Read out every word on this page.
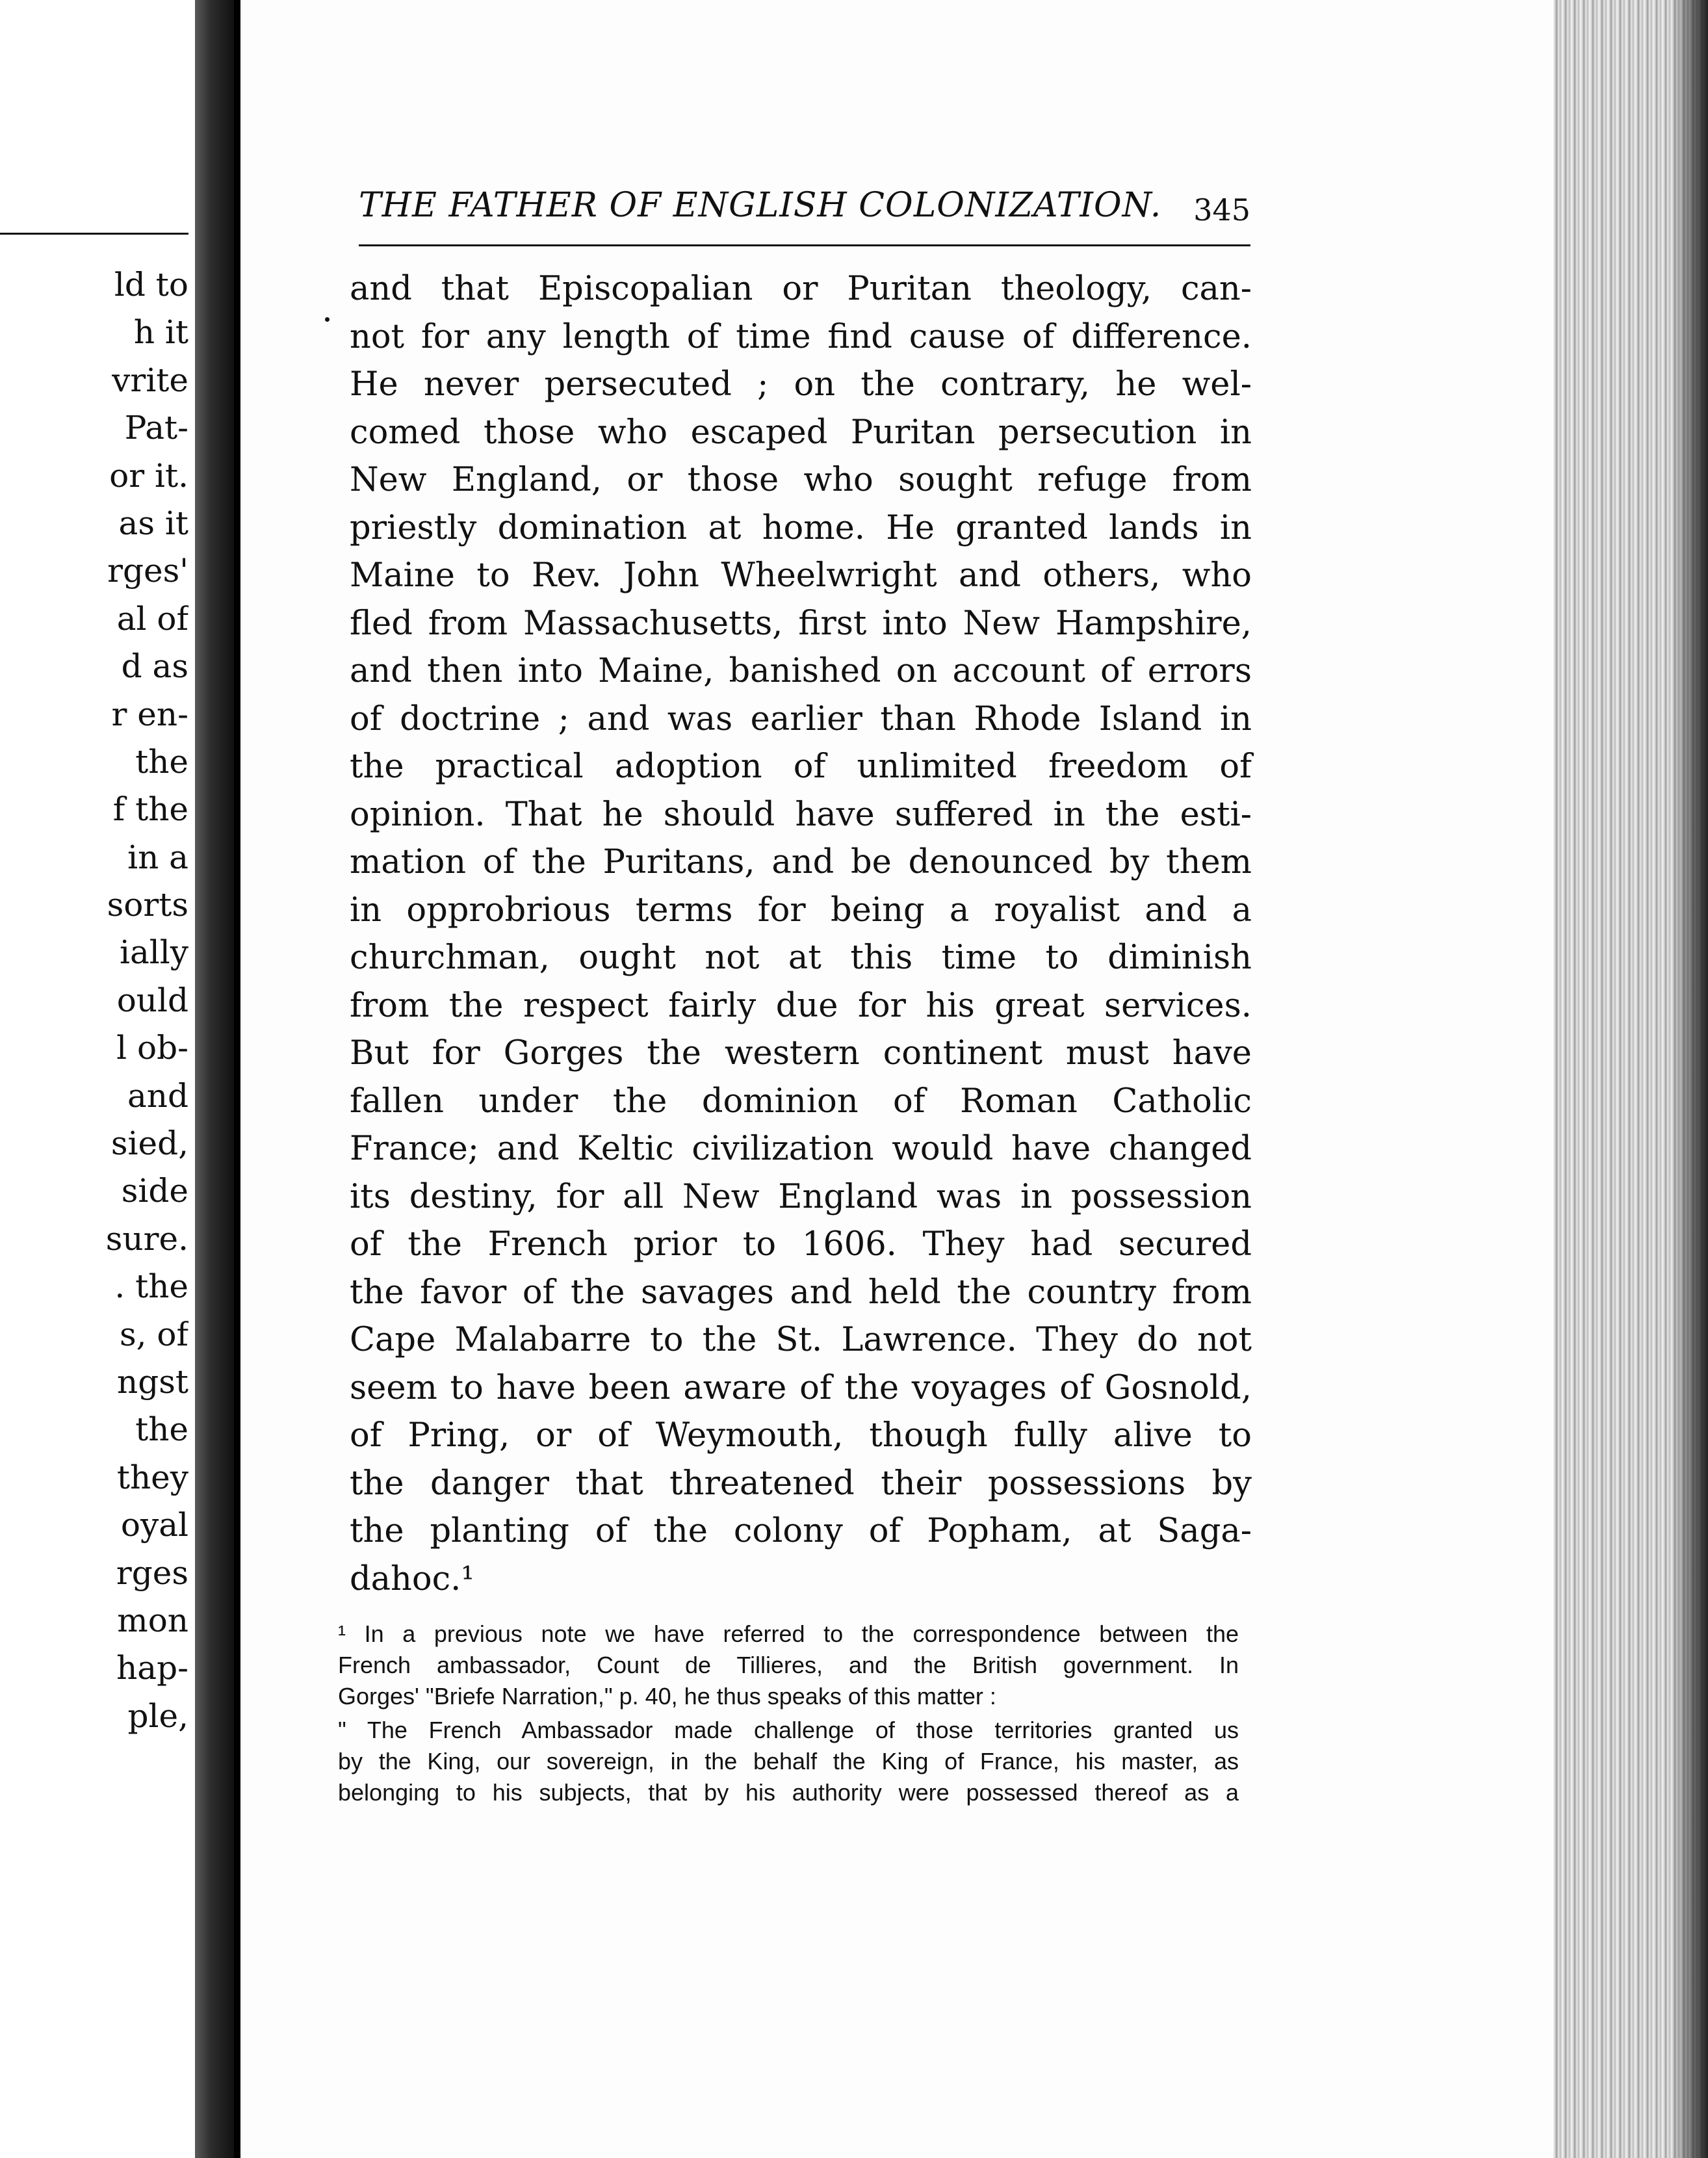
ld to
h it
vrite
Pat-
or it.
as it
rges'
al of
d as
r en-
the
f the
in a
sorts
ially
ould
l ob-
and
sied,
side
sure.
. the
s, of
ngst
the
they
oyal
rges
mon
hap-
ple,
THE FATHER OF ENGLISH COLONIZATION. 345
and that Episcopalian or Puritan theology, can-
not for any length of time find cause of difference.
He never persecuted ; on the contrary, he wel-
comed those who escaped Puritan persecution in
New England, or those who sought refuge from
priestly domination at home. He granted lands in
Maine to Rev. John Wheelwright and others, who
fled from Massachusetts, first into New Hampshire,
and then into Maine, banished on account of errors
of doctrine ; and was earlier than Rhode Island in
the practical adoption of unlimited freedom of
opinion. That he should have suffered in the esti-
mation of the Puritans, and be denounced by them
in opprobrious terms for being a royalist and a
churchman, ought not at this time to diminish
from the respect fairly due for his great services.
But for Gorges the western continent must have
fallen under the dominion of Roman Catholic
France; and Keltic civilization would have changed
its destiny, for all New England was in possession
of the French prior to 1606. They had secured
the favor of the savages and held the country from
Cape Malabarre to the St. Lawrence. They do not
seem to have been aware of the voyages of Gosnold,
of Pring, or of Weymouth, though fully alive to
the danger that threatened their possessions by
the planting of the colony of Popham, at Saga-
dahoc.¹
¹ In a previous note we have referred to the correspondence between the
French ambassador, Count de Tillieres, and the British government. In
Gorges' "Briefe Narration," p. 40, he thus speaks of this matter :
" The French Ambassador made challenge of those territories granted us
by the King, our sovereign, in the behalf the King of France, his master, as
belonging to his subjects, that by his authority were possessed thereof as a
